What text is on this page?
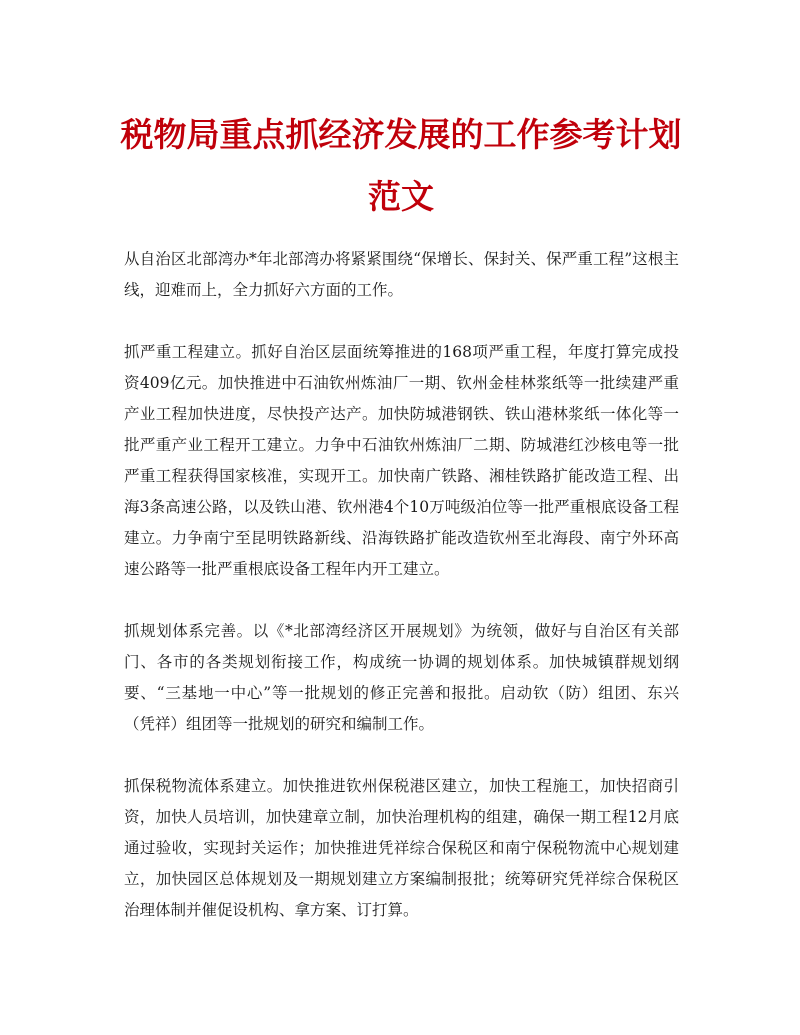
税物局重点抓经济发展的工作参考计划范文

从自治区北部湾办*年北部湾办将紧紧围绕“保增长、保封关、保严重工程”这根主线，迎难而上，全力抓好六方面的工作。

抓严重工程建立。抓好自治区层面统筹推进的168项严重工程，年度打算完成投资409亿元。加快推进中石油钦州炼油厂一期、钦州金桂林浆纸等一批续建严重产业工程加快进度，尽快投产达产。加快防城港钢铁、铁山港林浆纸一体化等一批严重产业工程开工建立。力争中石油钦州炼油厂二期、防城港红沙核电等一批严重工程获得国家核准，实现开工。加快南广铁路、湘桂铁路扩能改造工程、出海3条高速公路，以及铁山港、钦州港4个10万吨级泊位等一批严重根底设备工程建立。力争南宁至昆明铁路新线、沿海铁路扩能改造钦州至北海段、南宁外环高速公路等一批严重根底设备工程年内开工建立。

抓规划体系完善。以《*北部湾经济区开展规划》为统领，做好与自治区有关部门、各市的各类规划衔接工作，构成统一协调的规划体系。加快城镇群规划纲要、“三基地一中心”等一批规划的修正完善和报批。启动钦（防）组团、东兴（凭祥）组团等一批规划的研究和编制工作。

抓保税物流体系建立。加快推进钦州保税港区建立，加快工程施工，加快招商引资，加快人员培训，加快建章立制，加快治理机构的组建，确保一期工程12月底通过验收，实现封关运作；加快推进凭祥综合保税区和南宁保税物流中心规划建立，加快园区总体规划及一期规划建立方案编制报批；统筹研究凭祥综合保税区治理体制并催促设机构、拿方案、订打算。
